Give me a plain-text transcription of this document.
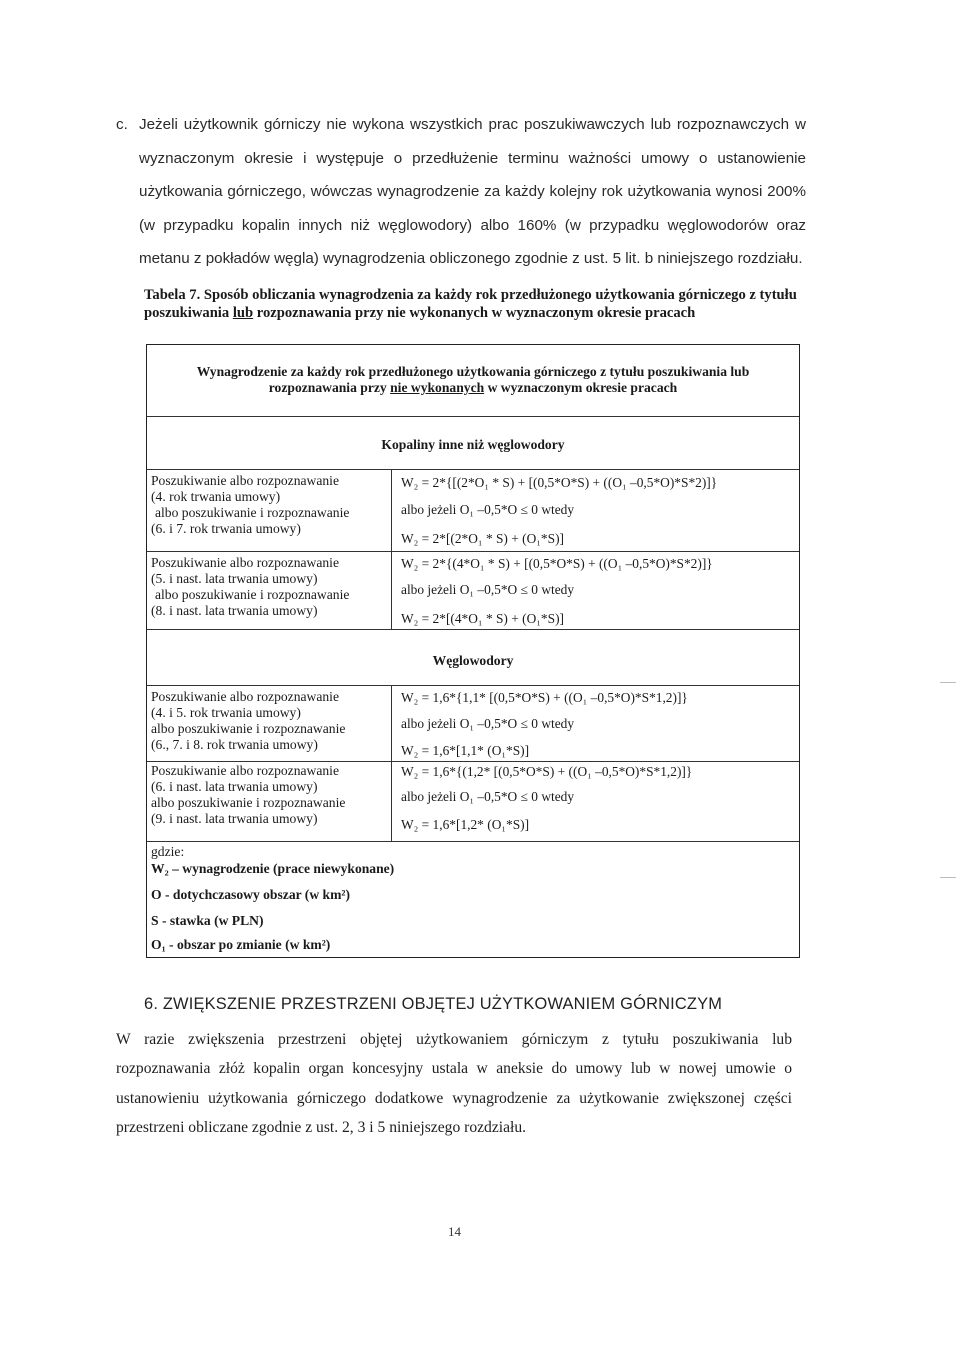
c. Jeżeli użytkownik górniczy nie wykona wszystkich prac poszukiwawczych lub rozpoznawczych w wyznaczonym okresie i występuje o przedłużenie terminu ważności umowy o ustanowienie użytkowania górniczego, wówczas wynagrodzenie za każdy kolejny rok użytkowania wynosi 200% (w przypadku kopalin innych niż węglowodory) albo 160% (w przypadku węglowodorów oraz metanu z pokładów węgla) wynagrodzenia obliczonego zgodnie z ust. 5 lit. b niniejszego rozdziału.
Tabela 7. Sposób obliczania wynagrodzenia za każdy rok przedłużonego użytkowania górniczego z tytułu poszukiwania lub rozpoznawania przy nie wykonanych w wyznaczonym okresie pracach
Wynagrodzenie za każdy rok przedłużonego użytkowania górniczego z tytułu poszukiwania lub
rozpoznawania przy nie wykonanych w wyznaczonym okresie pracach
Kopaliny inne niż węglowodory
Poszukiwanie albo rozpoznawanie
(4. rok trwania umowy)
albo poszukiwanie i rozpoznawanie
(6. i 7. rok trwania umowy)
W₂ = 2*{[(2*O₁ * S) + [(0,5*O*S) + ((O₁ –0,5*O)*S*2)]}
albo jeżeli O₁ –0,5*O ≤ 0 wtedy
W₂ = 2*[(2*O₁ * S) + (O₁*S)]
Poszukiwanie albo rozpoznawanie
(5. i nast. lata trwania umowy)
albo poszukiwanie i rozpoznawanie
(8. i nast. lata trwania umowy)
W₂ = 2*{(4*O₁ * S) + [(0,5*O*S) + ((O₁ –0,5*O)*S*2)]}
albo jeżeli O₁ –0,5*O ≤ 0 wtedy
W₂ = 2*[(4*O₁ * S) + (O₁*S)]
Węglowodory
Poszukiwanie albo rozpoznawanie
(4. i 5. rok trwania umowy)
albo poszukiwanie i rozpoznawanie
(6., 7. i 8. rok trwania umowy)
W₂ = 1,6*{1,1* [(0,5*O*S) + ((O₁ –0,5*O)*S*1,2)]}
albo jeżeli O₁ –0,5*O ≤ 0 wtedy
W₂ = 1,6*[1,1* (O₁*S)]
Poszukiwanie albo rozpoznawanie
(6. i nast. lata trwania umowy)
albo poszukiwanie i rozpoznawanie
(9. i nast. lata trwania umowy)
W₂ = 1,6*{(1,2* [(0,5*O*S) + ((O₁ –0,5*O)*S*1,2)]}
albo jeżeli O₁ –0,5*O ≤ 0 wtedy
W₂ = 1,6*[1,2* (O₁*S)]
gdzie:
W₂ – wynagrodzenie (prace niewykonane)
O - dotychczasowy obszar (w km²)
S - stawka (w PLN)
O₁ - obszar po zmianie (w km²)
6. ZWIĘKSZENIE PRZESTRZENI OBJĘTEJ UŻYTKOWANIEM GÓRNICZYM
W razie zwiększenia przestrzeni objętej użytkowaniem górniczym z tytułu poszukiwania lub rozpoznawania złóż kopalin organ koncesyjny ustala w aneksie do umowy lub w nowej umowie o ustanowieniu użytkowania górniczego dodatkowe wynagrodzenie za użytkowanie zwiększonej części przestrzeni obliczane zgodnie z ust. 2, 3 i 5 niniejszego rozdziału.
14
